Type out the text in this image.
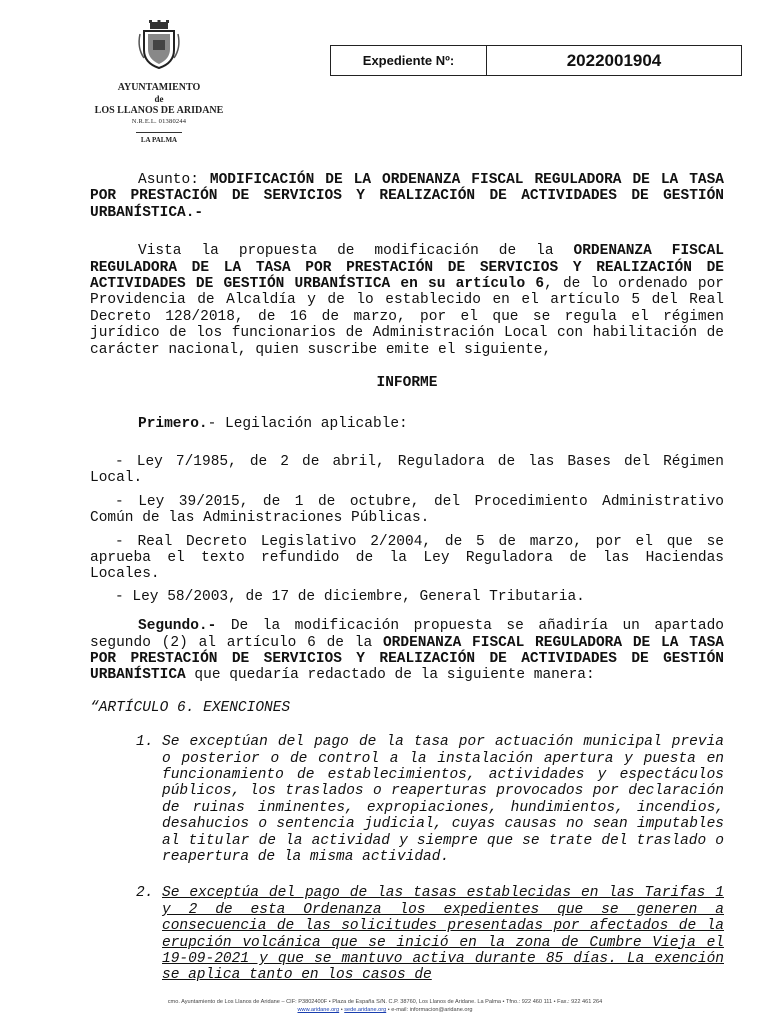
AYUNTAMIENTO
de
LOS LLANOS DE ARIDANE
N.R.E.L. 01380244
LA PALMA
Expediente Nº:	2022001904

Asunto: MODIFICACIÓN DE LA ORDENANZA FISCAL REGULADORA DE LA TASA POR PRESTACIÓN DE SERVICIOS Y REALIZACIÓN DE ACTIVIDADES DE GESTIÓN URBANÍSTICA.-

Vista la propuesta de modificación de la ORDENANZA FISCAL REGULADORA DE LA TASA POR PRESTACIÓN DE SERVICIOS Y REALIZACIÓN DE ACTIVIDADES DE GESTIÓN URBANÍSTICA en su artículo 6, de lo ordenado por Providencia de Alcaldía y de lo establecido en el artículo 5 del Real Decreto 128/2018, de 16 de marzo, por el que se regula el régimen jurídico de los funcionarios de Administración Local con habilitación de carácter nacional, quien suscribe emite el siguiente,

INFORME

Primero.- Legilación aplicable:

- Ley 7/1985, de 2 de abril, Reguladora de las Bases del Régimen Local.

- Ley 39/2015, de 1 de octubre, del Procedimiento Administrativo Común de las Administraciones Públicas.

- Real Decreto Legislativo 2/2004, de 5 de marzo, por el que se aprueba el texto refundido de la Ley Reguladora de las Haciendas Locales.

- Ley 58/2003, de 17 de diciembre, General Tributaria.

Segundo.- De la modificación propuesta se añadiría un apartado segundo (2) al artículo 6 de la ORDENANZA FISCAL REGULADORA DE LA TASA POR PRESTACIÓN DE SERVICIOS Y REALIZACIÓN DE ACTIVIDADES DE GESTIÓN URBANÍSTICA que quedaría redactado de la siguiente manera:

“ARTÍCULO 6. EXENCIONES

1. Se exceptúan del pago de la tasa por actuación municipal previa o posterior o de control a la instalación apertura y puesta en funcionamiento de establecimientos, actividades y espectáculos públicos, los traslados o reaperturas provocados por declaración de ruinas inminentes, expropiaciones, hundimientos, incendios, desahucios o sentencia judicial, cuyas causas no sean imputables al titular de la actividad y siempre que se trate del traslado o reapertura de la misma actividad.
2. Se exceptúa del pago de las tasas establecidas en las Tarifas 1 y 2 de esta Ordenanza los expedientes que se generen a consecuencia de las solicitudes presentadas por afectados de la erupción volcánica que se inició en la zona de Cumbre Vieja el 19-09-2021 y que se mantuvo activa durante 85 días. La exención se aplica tanto en los casos de
cmo. Ayuntamiento de Los Llanos de Aridane – CIF: P3802400F • Plaza de España S/N. C.P. 38760, Los Llanos de Aridane. La Palma • Tfno.: 922 460 111 • Fax.: 922 461 264
www.aridane.org • sede.aridane.org • e-mail: informacion@aridane.org
